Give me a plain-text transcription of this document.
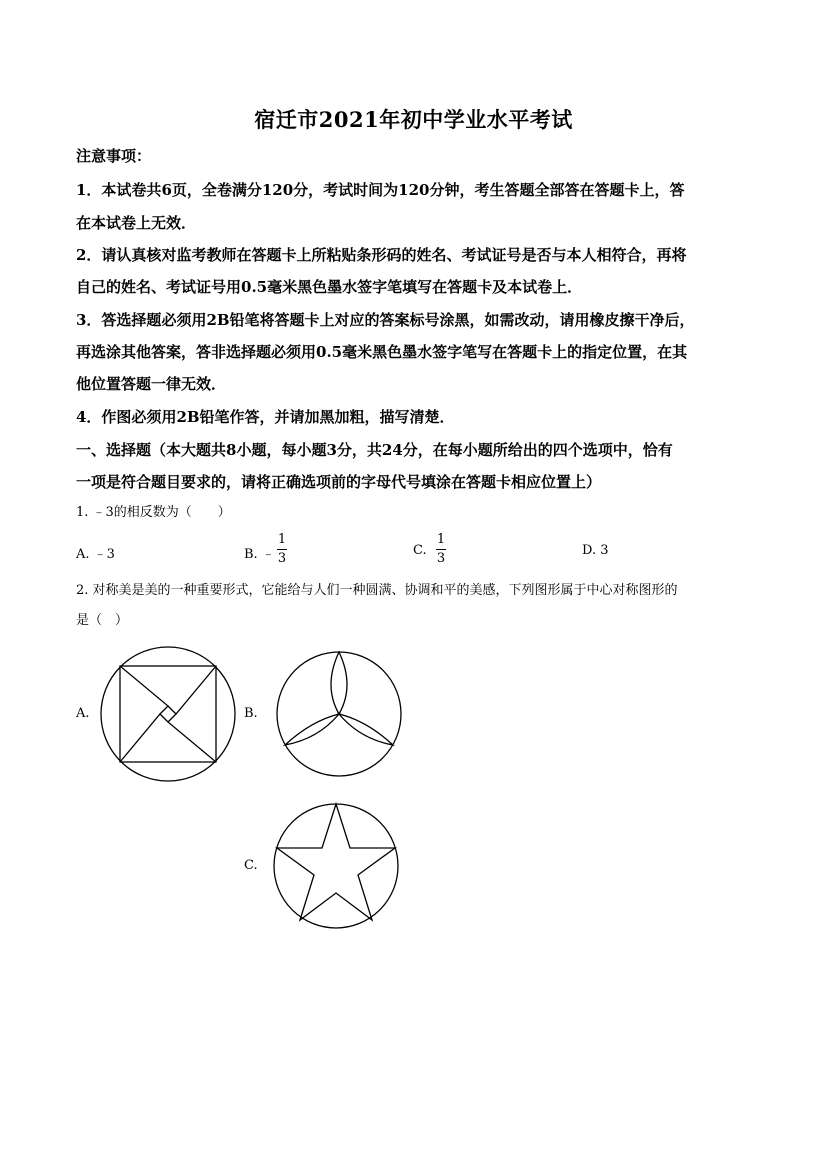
宿迁市2021年初中学业水平考试
注意事项：
1．本试卷共6页，全卷满分120分，考试时间为120分钟，考生答题全部答在答题卡上，答
在本试卷上无效．
2．请认真核对监考教师在答题卡上所粘贴条形码的姓名、考试证号是否与本人相符合，再将
自己的姓名、考试证号用0.5毫米黑色墨水签字笔填写在答题卡及本试卷上．
3．答选择题必须用2B铅笔将答题卡上对应的答案标号涂黑，如需改动，请用橡皮擦干净后，
再选涂其他答案，答非选择题必须用0.5毫米黑色墨水签字笔写在答题卡上的指定位置，在其
他位置答题一律无效．
4．作图必须用2B铅笔作答，并请加黑加粗，描写清楚．
一、选择题（本大题共8小题，每小题3分，共24分，在每小题所给出的四个选项中，恰有
一项是符合题目要求的，请将正确选项前的字母代号填涂在答题卡相应位置上）
1. ﹣3的相反数为（　　）
A. ﹣3	B. ﹣
1
3
C.
1
3
D. 3
2. 对称美是美的一种重要形式，它能给与人们一种圆满、协调和平的美感，下列图形属于中心对称图形的
是（　）
A.	B.
C.
